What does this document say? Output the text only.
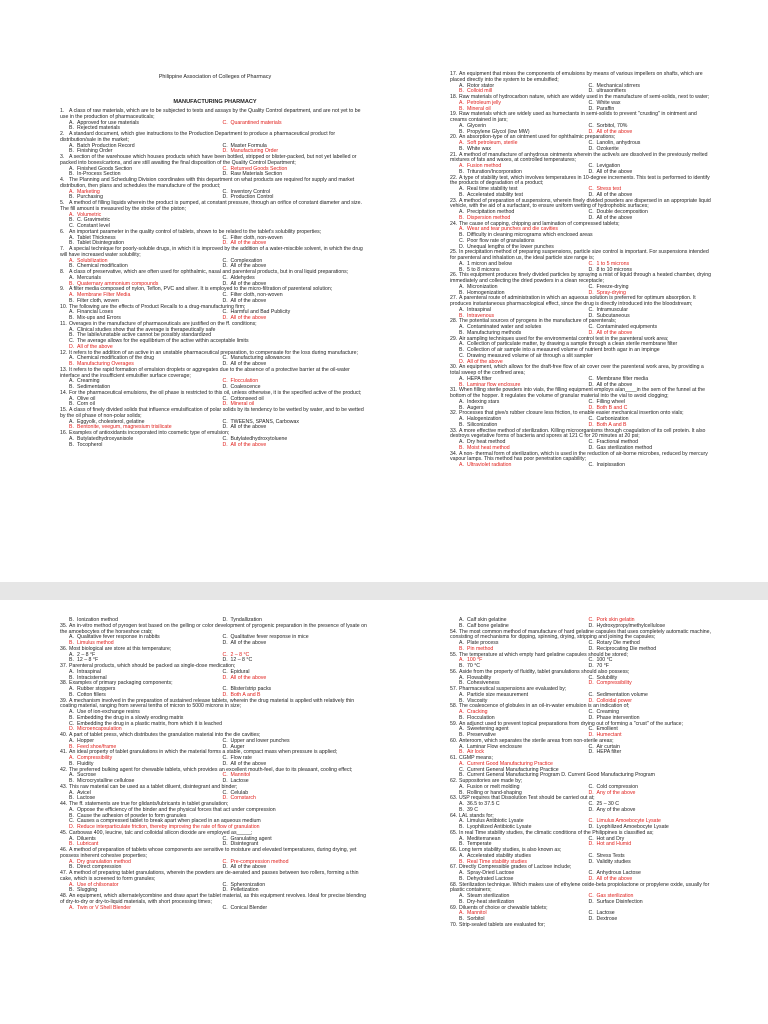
Philippine Association of Colleges of Pharmacy
MANUFACTURING PHARMACY
1. A class of raw materials, which are to be subjected to tests and assays by the Quality Control department, and are not yet to be use in the production of pharmaceuticals;
A. Approved for use materials	C. Quarantined materials
B. Rejected materials
2. A standard document, which give instructions to the Production Department to produce a pharmaceutical product for distribution/sale in the market;
A. Batch Production Record	C. Master Formula
B. Finishing Order	D. Manufacturing Order
3. A section of the warehouse which houses products which have been bottled, stripped or blister-packed, but not yet labelled or packed into boxes/cartons, and are still awaiting the final disposition of the Quality Control Department;
A. Finished Goods Section	C. Returned Goods Section
B. In-Process Section	D. Raw Materials Section
4. The Planning and Scheduling Division coordinates with this department on what products are required for supply and market distribution, then plans and schedules the manufacture of the product;
A. Marketing	C. Inventory Control
B. Purchasing	D. Production Control
5. A method of filling liquids wherein the product is pumped, at constant pressure, through an orifice of constant diameter and size. The fill amount is measured by the stroke of the piston;
A. Volumetric
B. C. Gravimetric
C. Constant level
6. An important parameter in the quality control of tablets, shown to be related to the tablet's solubility properties;
A. Tablet Thickness	C. Filter cloth, non-woven
B. Tablet Disintegration	D. All of the above
7. A special technique for poorly-soluble drugs, in which it is improved by the addition of a water-miscible solvent, in which the drug will have increased water solubility;
A. Solubilization	C. Complexation
B. Chemical modification	D. All of the above
8. A class of preservative, which are often used for ophthalmic, nasal and parenteral products, but in oral liquid preparations;
A. Mercurials	C. Aldehydes
B. Quaternary ammonium compounds	D. All of the above
9. A filter media composed of nylon, Teflon, PVC and silver. It is employed to the micro-filtration of parenteral solution;
A. Membrane Filter Media	C. Filter cloth, non-woven
B. Filter cloth, woven	D. All of the above
10. The following are the effects of Product Recalls to a drug-manufacturing firm;
A. Financial Loses	C. Harmful and Bad Publicity
B. Mix-ups and Errors	D. All of the above
11. Overages in the manufacture of pharmaceuticals are justified on the ff. conditions;
A. Clinical studies show that the average is therapeutically safe
B. The labile/unstable active cannot be possibly standardized
C. The average allows for the equilibrium of the active within acceptable limits
D. All of the above
12. It refers to the addition of an active in an unstable pharmaceutical preparation, to compensate for the loss during manufacture;
A. Chemical modification of the drug	C. Manufacturing allowances
B. Manufacturing Overages	D. All of the above
13. It refers to the rapid formation of emulsion droplets or aggregates due to the absence of a protective barrier at the oil-water interface and the insufficient emulsifier surface coverage;
A. Creaming	C. Flocculation
B. Sedimentation	D. Coalescence
14. For the pharmaceutical emulsions, the oil phase is restricted to this oil, unless otherwise, it is the specified active of the product;
A. Olive oil	C. Cottonseed oil
B. Corn oil	D. Mineral oil
15. A class of finely divided solids that influence emulsification of polar solids by its tendency to be wetted by water, and to be wetted by the oil phase of non-polar solids;
A. Eggyolk, cholesterol, gelatine	C. TWEENS, SPANS, Carbowax
B. Bentonite, veegum, magnesium trisilicate	D. All of the above
16. Examples of antioxidants incorporated into cosmetic type of emulsion;
A. Butylatedhydroxyanisole	C. Butylatedhydroxytoluene
B. Tocopherol	D. All of the above
17. An equipment that mixes the components of emulsions by means of various impellers on shafts, which are placed directly into the system to be emulsified;
A. Rotor stator	C. Mechanical stirrers
B. Colloid mill	D. ultrasonifiers
18. Raw materials of hydrocarbon nature, which are widely used in the manufacture of semi-solids, next to water;
A. Petroleum jelly	C. White wax
B. Mineral oil	D. Paraffin
19. Raw materials which are widely used as humectants in semi-solids to prevent "crusting" in ointment and creams contained in jars;
A. Glycerin	C. Sorbitol, 70%
B. Propylene Glycol (low MW)	D. All of the above
20. An absorption-type of an ointment used for ophthalmic preparations;
A. Soft petroleum, sterile	C. Lanolin, anhydrous
B. White wax	D. Ozokerite
21. A method of manufacture of anhydrous ointments wherein the active/s are dissolved in the previously melted mixtures of fats and waxes, at controlled temperatures;
A. Fusion method	C. Levigation
B. Trituration/Incorporation	D. All of the above
22. A type of stability test, which involves temperatures in 10-degree increments. This test is performed to identify the products of degradation of a product;
A. Real time stability test	C. Stress test
B. Accelerated stability test	D. All of the above
23. A method of preparation of suspensions, wherein finely divided powders are dispersed in an appropriate liquid vehicle, with the aid of a surfactant, to ensure uniform wetting of hydrophobic surfaces;
A. Precipitation method	C. Double decomposition
B. Dispersion method	D. All of the above
24. The cause of capping, chipping and lamination of compressed tablets;
A. Wear and tear punches and die cavities
B. Difficulty in cleaning micrograms which enclosed areas
C. Poor flow rate of granulations
D. Unequal lengths of the lower punches
25. In precipitation method of preparing suspensions, particle size control is important. For suspensions intended for parenteral and inhalation us, the ideal particle size range is;
A. 1 micron and below	C. 1 to 5 microns
B. 5 to 8 microns	D. 8 to 10 microns
26. This equipment produces finely divided particles by spraying a mist of liquid through a heated chamber, drying immediately and collecting the dried powders in a clean receptacle;
A. Micronization	C. Freeze-drying
B. Homogenization	D. Spray-drying
27. A parenteral route of administration in which an aqueous solution is preferred for optimum absorption. It produces instantaneous pharmacological effect, since the drug is directly introduced into the bloodstream;
A. Intraspinal	C. Intramuscular
B. Intravenous	D. Subcutaneous
28. The potential sources of pyrogens in the manufacture of parenterals;
A. Contaminated water and solutes	C. Contaminated equipments
B. Manufacturing methods	D. All of the above
29. Air sampling techniques used for the environmental control test in the parenteral work area;
A. Collection of particulate matter, by drawing a sample through a clean sterile membrane filter
B. Collection of air sample into a measured volume of nutrient broth agar in an impinge
C. Drawing measured volume of air through a slit sampler
D. All of the above
30. An equipment, which allows for the draft-free flow of air cover over the parenteral work area, by providing a total sweep of the confined area;
A. HEPA filter	C. Membrane filter media
B. Laminar flow enclosure	D. All of the above
31. When filling sterile powders into vials, the filling equipment employs a/an____in the sem of the funnel at the bottom of the hopper. It regulates the volume of granular material into the vial to avoid clogging;
A. Indexing stars	C. Filling wheel
B. Augers	D. Both B and C
32. Processes that give/s rubber closure less friction, to enable easier mechanical insertion onto vials;
A. Halogenization	C. Carbonization
B. Siliconization	D. Both A and B
33. A more effective method of sterilization. Killing microorganisms through coagulation of its cell protein. It also destroys vegetative forms of bacteria and spores at 121 C for 20 minutes at 20 psi;
A. Dry heat method	C. Fractional method
B. Moist heat method	D. Gas sterilization method
34. A non- thermal form of sterilization, which is used in the reduction of air-borne microbes, reduced by mercury vapour lamps. This method has poor penetration capability;
A. Ultraviolet radiation	C. Insipissation
B. Ionization method	D. Tyndallization
35. An in-vitro method of pyrogen test based on the gelling or color development of pyrogenic preparation in the presence of lysate on the amoebocytes of the horseshoe crab;
A. Qualitative fever response in rabbits	C. Qualitative fever response in mice
B. Limulus method	D. All of the above
36. Most biological are store at this temperature;
A. 2 – 8 °F	C. 2 – 8 °C
B. 12 – 8 °F	D. 12 – 8 °C
37. Parenteral products, which should be packed as single-dose medication;
A. Intraspinal	C. Epidural
B. Intracisternal	D. All of the above
38. Examples of primary packaging components;
A. Rubber stoppers	C. Blister/strip packs
B. Cotton fillers	D. Both A and B
39. A mechanism involved in the preparation of sustained release tablets, wherein the drug material is applied with relatively thin coating material, ranging from several tenths of micron to 5000 microns in size;
A. Use of ion-exchange resins
B. Embedding the drug in a slowly eroding matrix
C. Embedding the drug in a plastic matrix, from which it is leached
D. Microencapsulation
40. A part of tablet press, which distributes the granulation material into the die cavities;
A. Hopper	C. Upper and lower punches
B. Feed shoe/frame	D. Auger
41. An ideal property of tablet granulations in which the material forms a stable, compact mass when pressure is applied;
A. Compressibility	C. Flow rate
B. Fluidity	D. All of the above
42. The preferred bulking agent for chewable tablets, which provides an excellent mouth-feel, due to its pleasant, cooling effect;
A. Sucrose	C. Mannitol
B. Microcrystalline cellulose	D. Lactose
43. This raw material can be used as a tablet diluent, disintegrant and binder;
A. Avicel	C. Celulab
B. Lactose	D. Cornstarch
44. The ff. statements are true for glidants/lubricants in tablet granulation;
A. Oppose the efficiency of the binder and the physical forces that act under compression
B. Cause the adhesion of powder to form granules
C. Causes a compressed tablet to break apart when placed in an aqueous medium
D. Reduce interparticulate friction, thereby improving the rate of flow of granulation
45. Carbowax 400, leucine, talc and colloidal silicon dioxide are employed as_____;
A. Diluents	C. Granulating agent
B. Lubricant	D. Disintegrant
46. A method of preparation of tablets whose components are sensitive to moisture and elevated temperatures, during drying, yet possess inherent cohesive properties;
A. Dry granulation method	C. Pre-compression method
B. Direct compression	D. All of the above
47. A method of preparing tablet granulations, wherein the powders are de-aerated and passes between two rollers, forming a thin cake, which is screened to form granules;
A. Use of chilsonator	C. Spheronization
B. Slugging	D. Pelletization
48. An equipment, which alternatelycombine and draw apart the tablet material, as this equipment revolves. Ideal for precise blending of dry-to-dry or dry-to-liquid materials, with short processing times;
A. Twin or V Shell Blender	C. Conical Blender
A. Calf skin gelatine	C. Pork skin gelatin
B. Calf bone gelatine	D. Hydroxypropylmethylcellulose
54. The most common method of manufacture of hard gelatine capsules that uses completely automatic machine, consisting of mechanisms for dipping, spinning, drying, stripping and joining the capsules;
A. Plate process	C. Rotary Die method
B. Pin method	D. Reciprocating Die method
55. The temperature at which empty hard gelatine capsules should be stored;
A. 100 °F	C. 100 °C
B. 70 °C	D. 70 °F
56. Aside from the property of fluidity, tablet granulations should also possess;
A. Flowability	C. Solubility
B. Cohesiveness	D. Compressibility
57. Pharmaceutical suspensions are evaluated by;
A. Particle size measurement	C. Sedimentation volume
B. Viscosity	D. Colloidal power
58. The coalescence of globules in an oil-in-water emulsion is an indication of;
A. Cracking	C. Creaming
B. Flocculation	D. Phase intervention
59. An adjunct used to prevent topical preparations from drying out of forming a "crust" of the surface;
A. Sweetening agent	C. Emollient
B. Preservative	D. Humectant
60. Anteroom, which separates the sterile areas from non-sterile areas;
A. Laminar Flow enclosure	C. Air curtain
B. Air lock	D. HEPA filter
61. CGMP means;
A. Current Good Manufacturing Practice
C. Current General Manufacturing Practice
B. Current General Manufacturing Program D. Current Good Manufacturing Program
62. Suppositories are made by;
A. Fusion or melt molding	C. Cold compression
B. Rolling or hand-shaping	D. Any of the above
63. USP requires that Dissolution Test should be carried out at;
A. 36.5 to 37.5 C	C. 25 – 30 C
B. 39 C	D. Any of the above
64. LAL stands for;
A. Limulus Antibiotic Lysate	C. Limulus Amoebocyte Lysate
B. Lyophilized Antibiotic Lysate	D. Lyophilized Amoebocyte Lysate
65. In real Time stability studies, the climatic conditions of the Philippines is classified as;
A. Mediterranean	C. Hot and Dry
B. Temperate	D. Hot and Humid
66. Long term stability studies, is also known as;
A. Accelerated stability studies	C. Stress Tests
B. Real Time stability studies	D. Validity studies
67. Directly Compressible grades of Lactose include;
A. Spray-Dried Lactose	C. Anhydrous Lactose
B. Dehydrated Lactose	D. All of the above
68. Sterilization technique. Which makes use of ethylene oxide-beta propiolactone or propylene oxide, usually for plastic containers;
A. Steam sterilization	C. Gas sterilization
B. Dry-heat sterilization	D. Surface Disinfection
69. Diluents of choice or chewable tablets;
A. Mannitol	C. Lactose
B. Sorbitol	D. Dextrose
70. Strip-sealed tablets are evaluated for;
